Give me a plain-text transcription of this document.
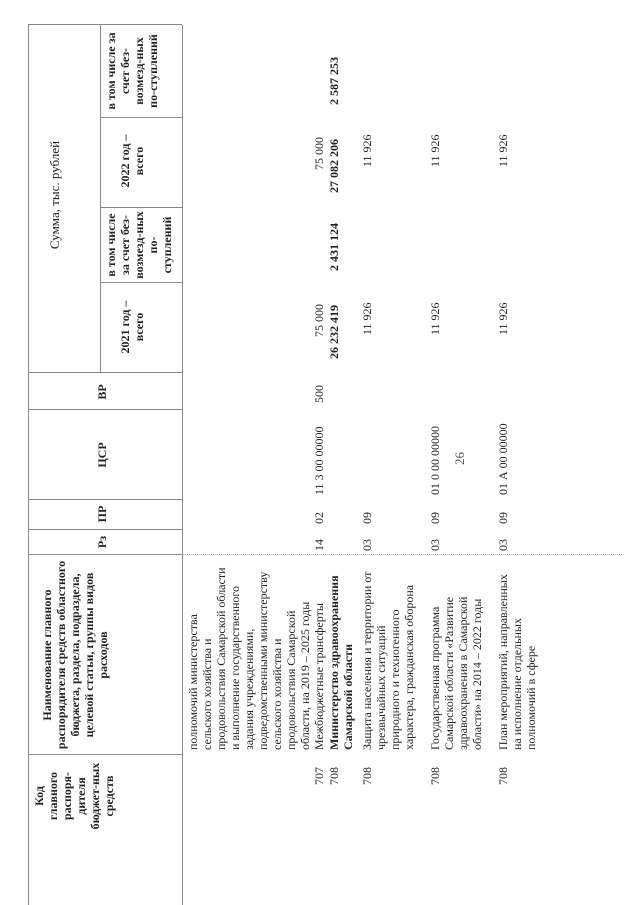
26
Код главного распоря-дителя бюджет-ных средств
Наименование главного распорядителя средств областного бюджета, раздела, подраздела, целевой статьи, группы видов расходов
Рз
ПР
ЦСР
ВР
Сумма, тыс. рублей
2021 год – всего
в том числе за счет без-возмезд-ных по-ступлений
2022 год – всего
в том числе за счет без-возмезд-ных по-ступлений
полномочий министерства сельского хозяйства и продовольствия Самарской области и выполнение государственного задания учреждениями, подведомственными министерству сельского хозяйства и продовольствия Самарской области, на 2019 – 2025 годы
707
Межбюджетные трансферты
14
02
11 3 00 00000
500
75 000
75 000
708
Министерство здравоохранения Самарской области
26 232 419
2 431 124
27 082 206
2 587 253
708
Защита населения и территории от чрезвычайных ситуаций природного и техногенного характера, гражданская оборона
03
09
11 926
11 926
708
Государственная программа Самарской области «Развитие здравоохранения в Самарской области» на 2014 – 2022 годы
03
09
01 0 00 00000
11 926
11 926
708
План мероприятий, направленных на исполнение отдельных полномочий в сфере
03
09
01 А 00 00000
11 926
11 926
